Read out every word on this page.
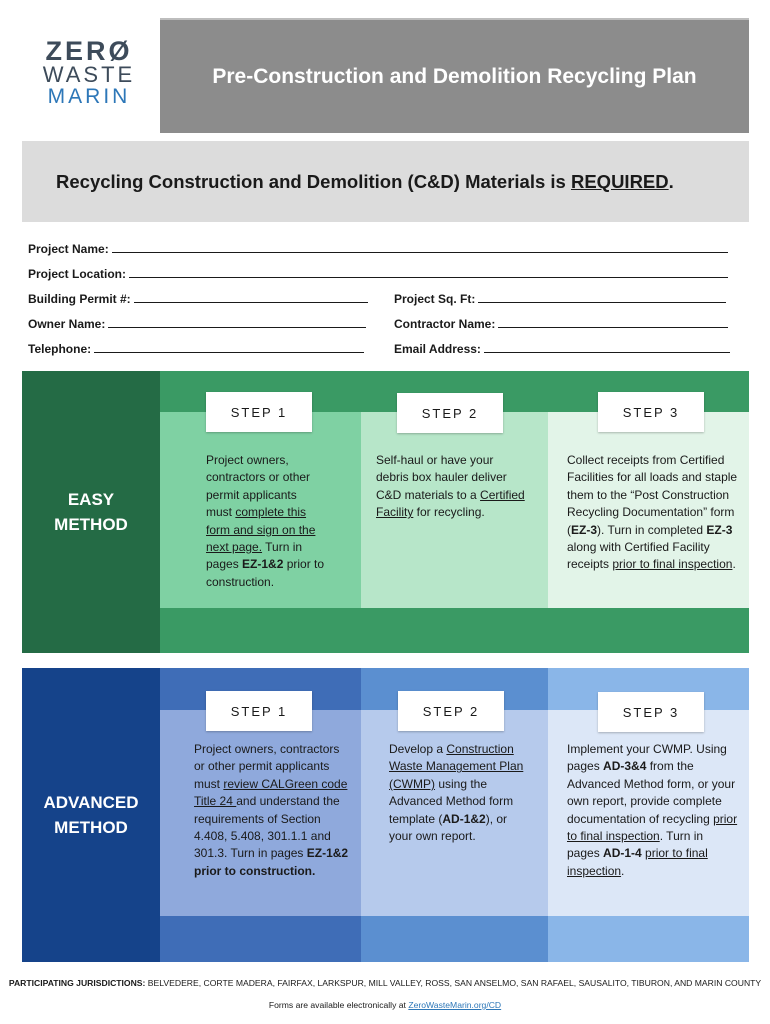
ZERØ
WASTE
MARIN
Pre-Construction and Demolition Recycling Plan
Recycling Construction and Demolition (C&D) Materials is REQUIRED.
Project Name:
Project Location:
Building Permit #:	Project Sq. Ft:
Owner Name:	Contractor Name:
Telephone:	Email Address:
EASY
METHOD
STEP 1	STEP 2	STEP 3
Project owners, contractors or other permit applicants must complete this form and sign on the next page. Turn in pages EZ-1&2 prior to construction.
Self-haul or have your debris box hauler deliver C&D materials to a Certified Facility for recycling.
Collect receipts from Certified Facilities for all loads and staple them to the “Post Construction Recycling Documentation” form (EZ-3). Turn in completed EZ-3 along with Certified Facility receipts prior to final inspection.
ADVANCED
METHOD
STEP 1	STEP 2	STEP 3
Project owners, contractors or other permit applicants must review CALGreen code Title 24 and understand the requirements of Section 4.408, 5.408, 301.1.1 and 301.3. Turn in pages EZ-1&2 prior to construction.
Develop a Construction Waste Management Plan (CWMP) using the Advanced Method form template (AD-1&2), or your own report.
Implement your CWMP. Using pages AD-3&4 from the Advanced Method form, or your own report, provide complete documentation of recycling prior to final inspection. Turn in pages AD-1-4 prior to final inspection.
PARTICIPATING JURISDICTIONS: BELVEDERE, CORTE MADERA, FAIRFAX, LARKSPUR, MILL VALLEY, ROSS, SAN ANSELMO, SAN RAFAEL, SAUSALITO, TIBURON, AND MARIN COUNTY
Forms are available electronically at ZeroWasteMarin.org/CD
